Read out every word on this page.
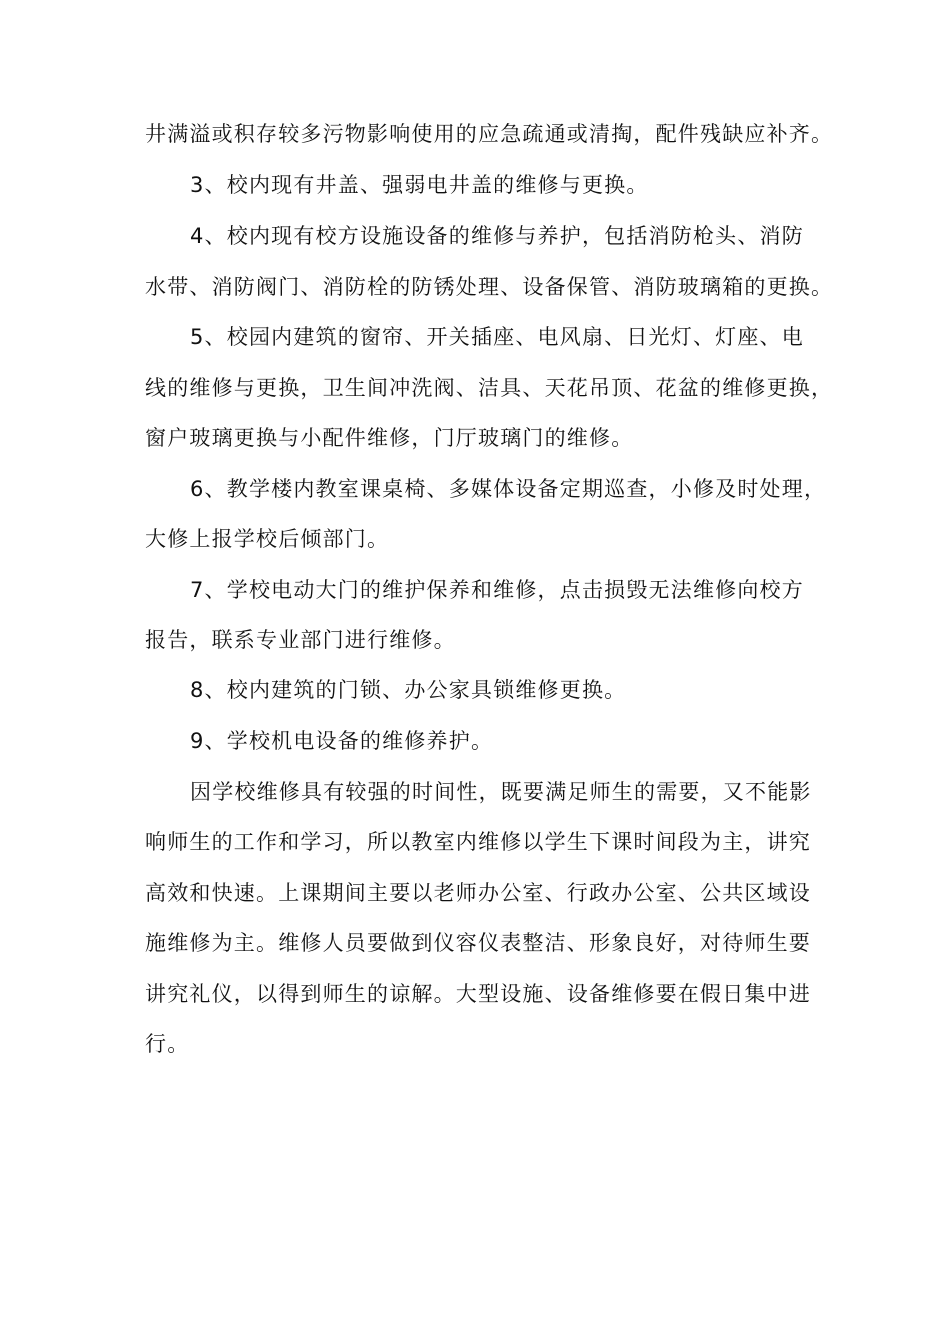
井满溢或积存较多污物影响使用的应急疏通或清掏，配件残缺应补齐。
3、校内现有井盖、强弱电井盖的维修与更换。
4、校内现有校方设施设备的维修与养护，包括消防枪头、消防
水带、消防阀门、消防栓的防锈处理、设备保管、消防玻璃箱的更换。
5、校园内建筑的窗帘、开关插座、电风扇、日光灯、灯座、电
线的维修与更换，卫生间冲洗阀、洁具、天花吊顶、花盆的维修更换，
窗户玻璃更换与小配件维修，门厅玻璃门的维修。
6、教学楼内教室课桌椅、多媒体设备定期巡查，小修及时处理，
大修上报学校后倾部门。
7、学校电动大门的维护保养和维修，点击损毁无法维修向校方
报告，联系专业部门进行维修。
8、校内建筑的门锁、办公家具锁维修更换。
9、学校机电设备的维修养护。
因学校维修具有较强的时间性，既要满足师生的需要，又不能影
响师生的工作和学习，所以教室内维修以学生下课时间段为主，讲究
高效和快速。上课期间主要以老师办公室、行政办公室、公共区域设
施维修为主。维修人员要做到仪容仪表整洁、形象良好，对待师生要
讲究礼仪，以得到师生的谅解。大型设施、设备维修要在假日集中进
行。
